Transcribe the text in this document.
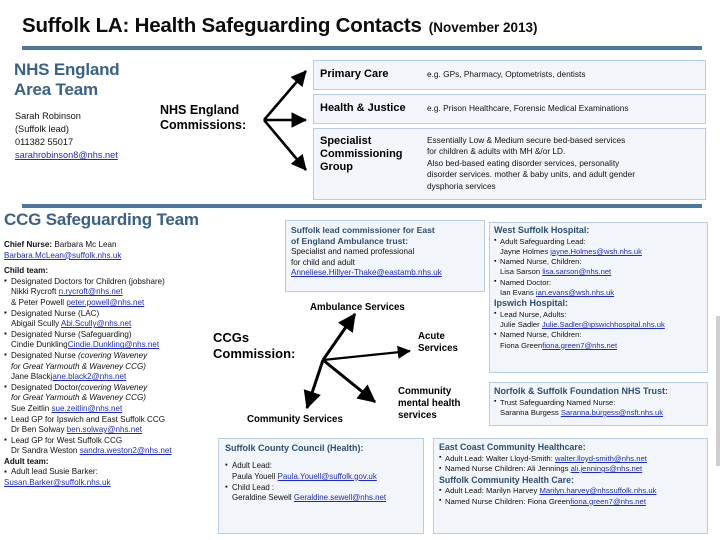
Suffolk LA: Health Safeguarding Contacts (November 2013)
NHS England
Area Team
Sarah Robinson
(Suffolk lead)
011382 55017
sarahrobinson8@nhs.net
NHS England
Commissions:
Primary Care	e.g. GPs, Pharmacy, Optometrists, dentists
Health & Justice	e.g. Prison Healthcare, Forensic Medical Examinations
Specialist
Commissioning
Group
Essentially Low & Medium secure bed-based services
for children & adults with MH &/or LD.
Also bed-based eating disorder services, personality
disorder services. mother & baby units, and adult gender
dysphoria services
CCG Safeguarding Team
Chief Nurse: Barbara Mc Lean
Barbara.McLean@suffolk.nhs.uk
Child team:
▪ Designated Doctors for Children (jobshare)
Nikki Rycroft n.rycroft@nhs.net
& Peter Powell peter.powell@nhs.net
▪ Designated Nurse (LAC)
Abigail Scully Abi.Scully@nhs.net
▪ Designated Nurse (Safeguarding)
Cindie DunklingCindie.Dunkling@nhs.net
▪ Designated Nurse (covering Waveney
for Great Yarmouth & Waveney CCG)
Jane Blackjane.black2@nhs.net
▪ Designated Doctor(covering Waveney
for Great Yarmouth & Waveney CCG)
Sue Zeitlin sue.zeitlin@nhs.net
▪ Lead GP for Ipswich and East Suffolk CCG
Dr Ben Solway ben.solway@nhs.net
▪ Lead GP for West Suffolk CCG
Dr Sandra Weston sandra.weston2@nhs.net
Adult team:
▪ Adult lead Susie Barker:
Susan.Barker@suffolk.nhs.uk
Suffolk lead commissioner for East
of England Ambulance trust:
Specialist and named professional
for child and adult
Anneliese.Hillyer-Thake@eastamb.nhs.uk
CCGs
Commission:
Ambulance Services
Acute
Services
Community
mental health
services
Community Services
West Suffolk Hospital:
▪ Adult Safeguarding Lead:
Jayne Holmes jayne.Holmes@wsh.nhs.uk
▪ Named Nurse, Children:
Lisa Sarson lisa.sarson@nhs.net
▪ Named Doctor:
Ian Evans ian.evans@wsh.nhs.uk
Ipswich Hospital:
▪ Lead Nurse, Adults:
Julie Sadler Julie.Sadler@ipswichhospital.nhs.uk
▪ Named Nurse, Children:
Fiona Greenfiona.green7@nhs.net
Norfolk & Suffolk Foundation NHS Trust:
▪ Trust Safeguarding Named Nurse:
Saranna Burgess Saranna.burgess@nsft.nhs.uk
Suffolk County Council (Health):
▪ Adult Lead:
Paula Youell Paula.Youell@suffolk.gov.uk
▪ Child Lead :
Geraldine Sewell Geraldine.sewell@nhs.net
East Coast Community Healthcare:
▪ Adult Lead: Walter Lloyd-Smith: walter.lloyd-smith@nhs.net
▪ Named Nurse Children: Ali Jennings ali.jennings@nhs.net
Suffolk Community Health Care:
▪ Adult Lead: Marilyn Harvey Marilyn.harvey@nhssuffolk.nhs.uk
▪ Named Nurse Children: Fiona Greenfiona.green7@nhs.net
